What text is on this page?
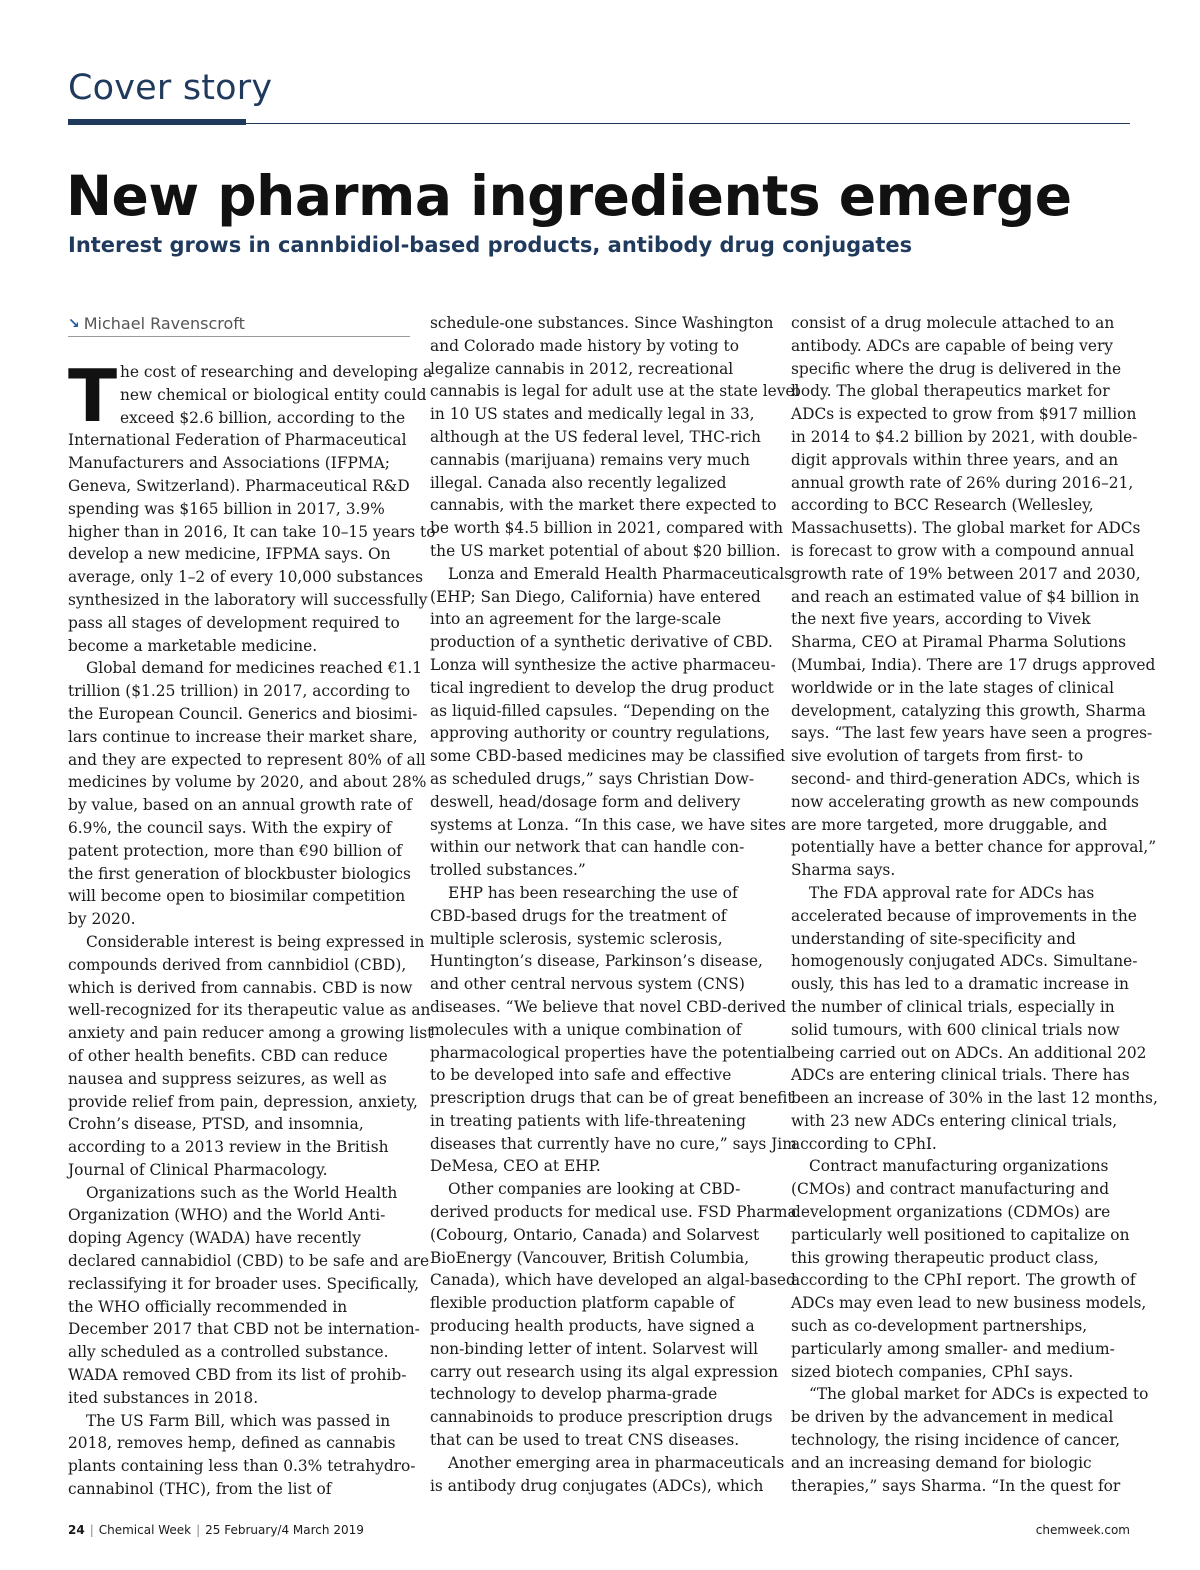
Cover story
New pharma ingredients emerge
Interest grows in cannbidiol-based products, antibody drug conjugates
↘ Michael Ravenscroft
T he cost of researching and developing a
new chemical or biological entity could
exceed $2.6 billion, according to the
International Federation of Pharmaceutical
Manufacturers and Associations (IFPMA;
Geneva, Switzerland). Pharmaceutical R&D
spending was $165 billion in 2017, 3.9%
higher than in 2016, It can take 10–15 years to
develop a new medicine, IFPMA says. On
average, only 1–2 of every 10,000 substances
synthesized in the laboratory will successfully
pass all stages of development required to
become a marketable medicine.
Global demand for medicines reached €1.1
trillion ($1.25 trillion) in 2017, according to
the European Council. Generics and biosimi-
lars continue to increase their market share,
and they are expected to represent 80% of all
medicines by volume by 2020, and about 28%
by value, based on an annual growth rate of
6.9%, the council says. With the expiry of
patent protection, more than €90 billion of
the first generation of blockbuster biologics
will become open to biosimilar competition
by 2020.
Considerable interest is being expressed in
compounds derived from cannbidiol (CBD),
which is derived from cannabis. CBD is now
well-recognized for its therapeutic value as an
anxiety and pain reducer among a growing list
of other health benefits. CBD can reduce
nausea and suppress seizures, as well as
provide relief from pain, depression, anxiety,
Crohn’s disease, PTSD, and insomnia,
according to a 2013 review in the British
Journal of Clinical Pharmacology.
Organizations such as the World Health
Organization (WHO) and the World Anti-
doping Agency (WADA) have recently
declared cannabidiol (CBD) to be safe and are
reclassifying it for broader uses. Specifically,
the WHO officially recommended in
December 2017 that CBD not be internation-
ally scheduled as a controlled substance.
WADA removed CBD from its list of prohib-
ited substances in 2018.
The US Farm Bill, which was passed in
2018, removes hemp, defined as cannabis
plants containing less than 0.3% tetrahydro-
cannabinol (THC), from the list of
schedule-one substances. Since Washington
and Colorado made history by voting to
legalize cannabis in 2012, recreational
cannabis is legal for adult use at the state level
in 10 US states and medically legal in 33,
although at the US federal level, THC-rich
cannabis (marijuana) remains very much
illegal. Canada also recently legalized
cannabis, with the market there expected to
be worth $4.5 billion in 2021, compared with
the US market potential of about $20 billion.
Lonza and Emerald Health Pharmaceuticals
(EHP; San Diego, California) have entered
into an agreement for the large-scale
production of a synthetic derivative of CBD.
Lonza will synthesize the active pharmaceu-
tical ingredient to develop the drug product
as liquid-filled capsules. “Depending on the
approving authority or country regulations,
some CBD-based medicines may be classified
as scheduled drugs,” says Christian Dow-
deswell, head/dosage form and delivery
systems at Lonza. “In this case, we have sites
within our network that can handle con-
trolled substances.”
EHP has been researching the use of
CBD-based drugs for the treatment of
multiple sclerosis, systemic sclerosis,
Huntington’s disease, Parkinson’s disease,
and other central nervous system (CNS)
diseases. “We believe that novel CBD-derived
molecules with a unique combination of
pharmacological properties have the potential
to be developed into safe and effective
prescription drugs that can be of great benefit
in treating patients with life-threatening
diseases that currently have no cure,” says Jim
DeMesa, CEO at EHP.
Other companies are looking at CBD-
derived products for medical use. FSD Pharma
(Cobourg, Ontario, Canada) and Solarvest
BioEnergy (Vancouver, British Columbia,
Canada), which have developed an algal-based
flexible production platform capable of
producing health products, have signed a
non-binding letter of intent. Solarvest will
carry out research using its algal expression
technology to develop pharma-grade
cannabinoids to produce prescription drugs
that can be used to treat CNS diseases.
Another emerging area in pharmaceuticals
is antibody drug conjugates (ADCs), which
consist of a drug molecule attached to an
antibody. ADCs are capable of being very
specific where the drug is delivered in the
body. The global therapeutics market for
ADCs is expected to grow from $917 million
in 2014 to $4.2 billion by 2021, with double-
digit approvals within three years, and an
annual growth rate of 26% during 2016–21,
according to BCC Research (Wellesley,
Massachusetts). The global market for ADCs
is forecast to grow with a compound annual
growth rate of 19% between 2017 and 2030,
and reach an estimated value of $4 billion in
the next five years, according to Vivek
Sharma, CEO at Piramal Pharma Solutions
(Mumbai, India). There are 17 drugs approved
worldwide or in the late stages of clinical
development, catalyzing this growth, Sharma
says. “The last few years have seen a progres-
sive evolution of targets from first- to
second- and third-generation ADCs, which is
now accelerating growth as new compounds
are more targeted, more druggable, and
potentially have a better chance for approval,”
Sharma says.
The FDA approval rate for ADCs has
accelerated because of improvements in the
understanding of site-specificity and
homogenously conjugated ADCs. Simultane-
ously, this has led to a dramatic increase in
the number of clinical trials, especially in
solid tumours, with 600 clinical trials now
being carried out on ADCs. An additional 202
ADCs are entering clinical trials. There has
been an increase of 30% in the last 12 months,
with 23 new ADCs entering clinical trials,
according to CPhI.
Contract manufacturing organizations
(CMOs) and contract manufacturing and
development organizations (CDMOs) are
particularly well positioned to capitalize on
this growing therapeutic product class,
according to the CPhI report. The growth of
ADCs may even lead to new business models,
such as co-development partnerships,
particularly among smaller- and medium-
sized biotech companies, CPhI says.
“The global market for ADCs is expected to
be driven by the advancement in medical
technology, the rising incidence of cancer,
and an increasing demand for biologic
therapies,” says Sharma. “In the quest for
24 | Chemical Week | 25 February/4 March 2019	chemweek.com
